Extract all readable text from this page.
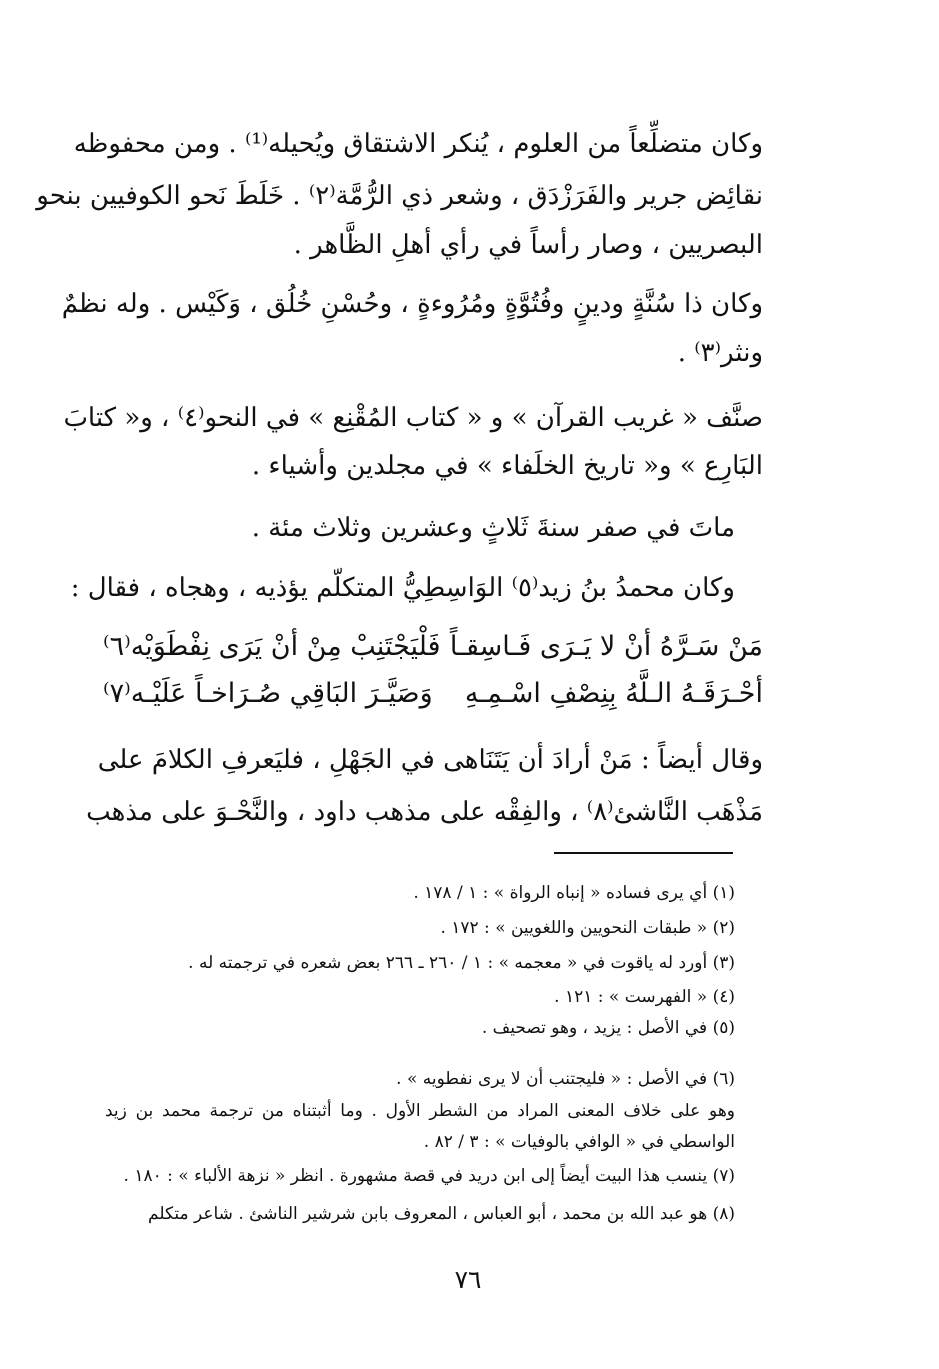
وكان متضلِّعاً من العلوم ، يُنكر الاشتقاق ويُحيله⁽¹⁾ . ومن محفوظه
نقائِض جرير والفَرَزْدَق ، وشعر ذي الرُّمَّة⁽٢⁾ . خَلَطَ نَحو الكوفيين بنحو
البصريين ، وصار رأساً في رأي أهلِ الظَّاهر .
وكان ذا سُنَّةٍ ودينٍ وفُتُوَّةٍ ومُرُوءةٍ ، وحُسْنِ خُلُق ، وَكَيْس . وله نظمٌ
ونثر⁽٣⁾ .
صنَّف « غريب القرآن » و « كتاب المُقْنِع » في النحو⁽٤⁾ ، و« كتابَ
البَارِع » و« تاريخ الخلَفاء » في مجلدين وأشياء .
ماتَ في صفر سنةَ ثَلاثٍ وعشرين وثلاث مئة .
وكان محمدُ بنُ زيد⁽٥⁾ الوَاسِطِيُّ المتكلّم يؤذيه ، وهجاه ، فقال :
مَنْ سَـرَّهُ أنْ لا يَـرَى فَـاسِقـاً
فَلْيَجْتَنِبْ مِنْ أنْ يَرَى نِفْطَوَيْه⁽٦⁾
أحْـرَقَـهُ الـلَّهُ بِنِصْفِ اسْـمِـهِ
وَصَيَّـرَ البَاقِي صُـرَاخـاً عَلَيْـه⁽٧⁾
وقال أيضاً : مَنْ أرادَ أن يَتَنَاهى في الجَهْلِ ، فليَعرفِ الكلامَ على
مَذْهَب النَّاشئ⁽٨⁾ ، والفِقْه على مذهب داود ، والنَّحْـوَ على مذهب
(١) أي يرى فساده « إنباه الرواة » : ١ / ١٧٨ .
(٢) « طبقات النحويين واللغويين » : ١٧٢ .
(٣) أورد له ياقوت في « معجمه » : ١ / ٢٦٠ ـ ٢٦٦ بعض شعره في ترجمته له .
(٤) « الفهرست » : ١٢١ .
(٥) في الأصل : يزيد ، وهو تصحيف .
(٦) في الأصل : « فليجتنب أن لا يرى نفطويه » .
وهو على خلاف المعنى المراد من الشطر الأول . وما أثبتناه من ترجمة محمد بن زيد
الواسطي في « الوافي بالوفيات » : ٣ / ٨٢ .
(٧) ينسب هذا البيت أيضاً إلى ابن دريد في قصة مشهورة . انظر « نزهة الألباء » : ١٨٠ .
(٨) هو عبد الله بن محمد ، أبو العباس ، المعروف بابن شرشير الناشئ . شاعر متكلم
٧٦
